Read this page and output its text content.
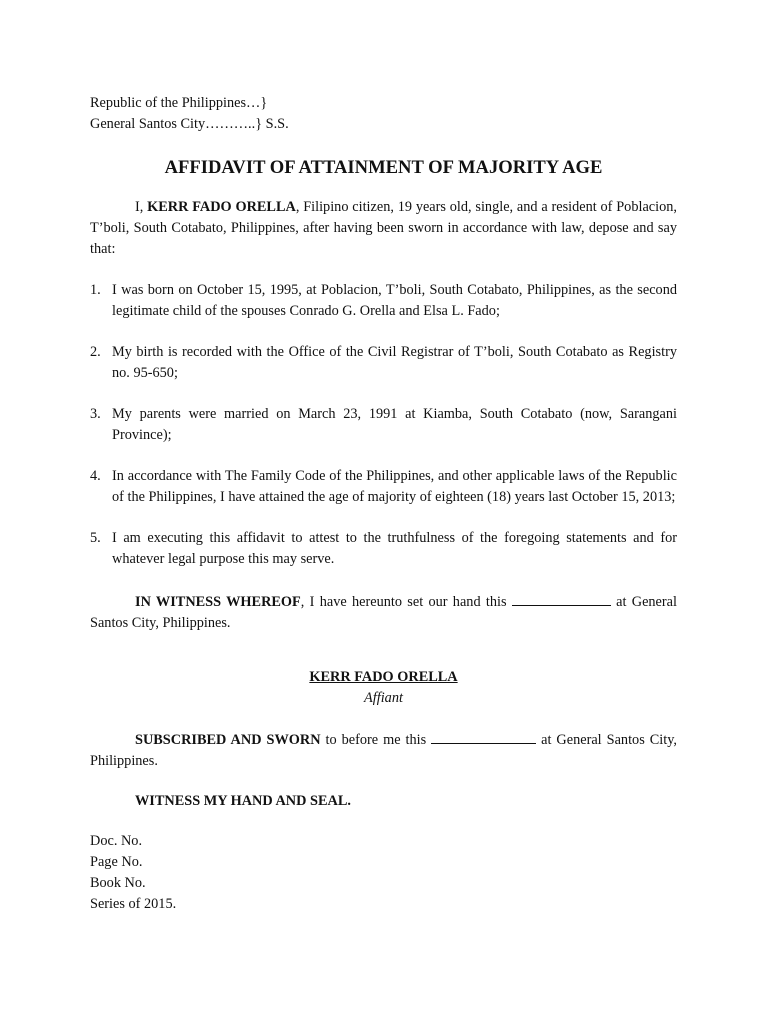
Republic of the Philippines…}
General Santos City………..} S.S.
AFFIDAVIT OF ATTAINMENT OF MAJORITY AGE
I, KERR FADO ORELLA, Filipino citizen, 19 years old, single, and a resident of Poblacion, T’boli, South Cotabato, Philippines, after having been sworn in accordance with law, depose and say that:
1. I was born on October 15, 1995, at Poblacion, T’boli, South Cotabato, Philippines, as the second legitimate child of the spouses Conrado G. Orella and Elsa L. Fado;
2. My birth is recorded with the Office of the Civil Registrar of T’boli, South Cotabato as Registry no. 95-650;
3. My parents were married on March 23, 1991 at Kiamba, South Cotabato (now, Sarangani Province);
4. In accordance with The Family Code of the Philippines, and other applicable laws of the Republic of the Philippines, I have attained the age of majority of eighteen (18) years last October 15, 2013;
5. I am executing this affidavit to attest to the truthfulness of the foregoing statements and for whatever legal purpose this may serve.
IN WITNESS WHEREOF, I have hereunto set our hand this	at General Santos City, Philippines.
KERR FADO ORELLA
Affiant
SUBSCRIBED AND SWORN to before me this	at General Santos City, Philippines.
WITNESS MY HAND AND SEAL.
Doc. No.
Page No.
Book No.
Series of 2015.
